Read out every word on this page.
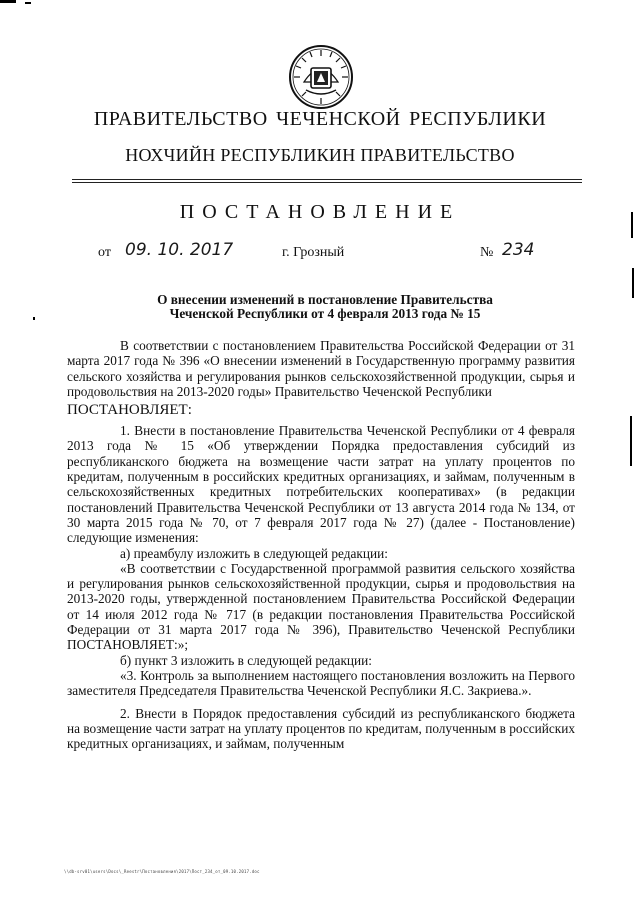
ПРАВИТЕЛЬСТВО ЧЕЧЕНСКОЙ РЕСПУБЛИКИ
НОХЧИЙН РЕСПУБЛИКИН ПРАВИТЕЛЬСТВО
ПОСТАНОВЛЕНИЕ
от 09. 10. 2017	г. Грозный	№ 234
О внесении изменений в постановление Правительства
Чеченской Республики от 4 февраля 2013 года № 15

В соответствии с постановлением Правительства Российской Федерации от 31 марта 2017 года № 396 «О внесении изменений в Государственную программу развития сельского хозяйства и регулирования рынков сельскохозяйственной продукции, сырья и продовольствия на 2013-2020 годы» Правительство Чеченской Республики

ПОСТАНОВЛЯЕТ:

1. Внести в постановление Правительства Чеченской Республики от 4 февраля 2013 года № 15 «Об утверждении Порядка предоставления субсидий из республиканского бюджета на возмещение части затрат на уплату процентов по кредитам, полученным в российских кредитных организациях, и займам, полученным в сельскохозяйственных кредитных потребительских кооперативах» (в редакции постановлений Правительства Чеченской Республики от 13 августа 2014 года № 134, от 30 марта 2015 года № 70, от 7 февраля 2017 года № 27) (далее - Постановление) следующие изменения:

а) преамбулу изложить в следующей редакции:

«В соответствии с Государственной программой развития сельского хозяйства и регулирования рынков сельскохозяйственной продукции, сырья и продовольствия на 2013-2020 годы, утвержденной постановлением Правительства Российской Федерации от 14 июля 2012 года № 717 (в редакции постановления Правительства Российской Федерации от 31 марта 2017 года № 396), Правительство Чеченской Республики ПОСТАНОВЛЯЕТ:»;

б) пункт 3 изложить в следующей редакции:

«3. Контроль за выполнением настоящего постановления возложить на Первого заместителя Председателя Правительства Чеченской Республики Я.С. Закриева.».

2. Внести в Порядок предоставления субсидий из республиканского бюджета на возмещение части затрат на уплату процентов по кредитам, полученным в российских кредитных организациях, и займам, полученным

\\db-srv01\users\Docs\_Reestr\Постановления\2017\Пост_234_от_09.10.2017.doc
